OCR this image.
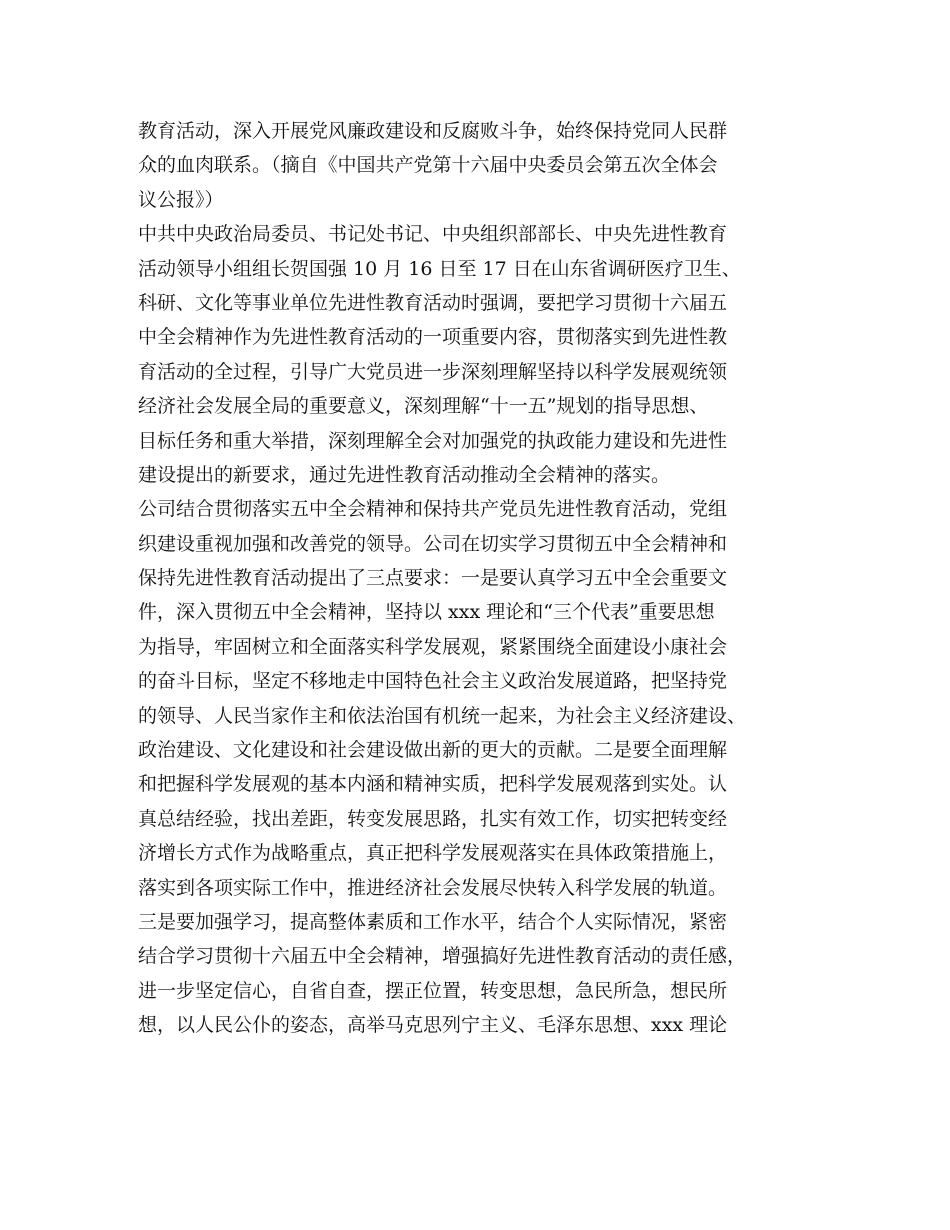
教育活动，深入开展党风廉政建设和反腐败斗争，始终保持党同人民群
众的血肉联系。（摘自《中国共产党第十六届中央委员会第五次全体会
议公报》）
中共中央政治局委员、书记处书记、中央组织部部长、中央先进性教育
活动领导小组组长贺国强 10 月 16 日至 17 日在山东省调研医疗卫生、
科研、文化等事业单位先进性教育活动时强调，要把学习贯彻十六届五
中全会精神作为先进性教育活动的一项重要内容，贯彻落实到先进性教
育活动的全过程，引导广大党员进一步深刻理解坚持以科学发展观统领
经济社会发展全局的重要意义，深刻理解“十一五”规划的指导思想、
目标任务和重大举措，深刻理解全会对加强党的执政能力建设和先进性
建设提出的新要求，通过先进性教育活动推动全会精神的落实。
公司结合贯彻落实五中全会精神和保持共产党员先进性教育活动，党组
织建设重视加强和改善党的领导。公司在切实学习贯彻五中全会精神和
保持先进性教育活动提出了三点要求：一是要认真学习五中全会重要文
件，深入贯彻五中全会精神，坚持以 xxx 理论和“三个代表”重要思想
为指导，牢固树立和全面落实科学发展观，紧紧围绕全面建设小康社会
的奋斗目标，坚定不移地走中国特色社会主义政治发展道路，把坚持党
的领导、人民当家作主和依法治国有机统一起来，为社会主义经济建设、
政治建设、文化建设和社会建设做出新的更大的贡献。二是要全面理解
和把握科学发展观的基本内涵和精神实质，把科学发展观落到实处。认
真总结经验，找出差距，转变发展思路，扎实有效工作，切实把转变经
济增长方式作为战略重点，真正把科学发展观落实在具体政策措施上，
落实到各项实际工作中，推进经济社会发展尽快转入科学发展的轨道。
三是要加强学习，提高整体素质和工作水平，结合个人实际情况，紧密
结合学习贯彻十六届五中全会精神，增强搞好先进性教育活动的责任感，
进一步坚定信心，自省自查，摆正位置，转变思想，急民所急，想民所
想，以人民公仆的姿态，高举马克思列宁主义、毛泽东思想、xxx 理论
